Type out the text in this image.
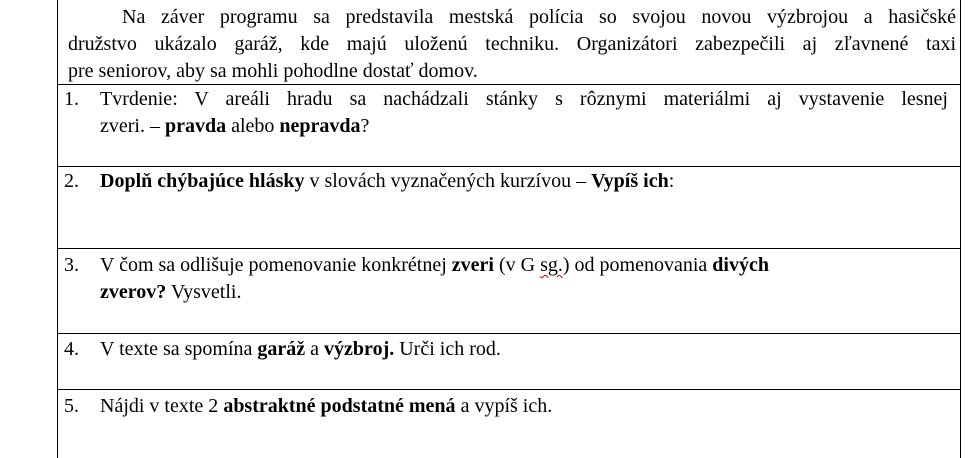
Na záver programu sa predstavila mestská polícia so svojou novou výzbrojou a hasičské
družstvo ukázalo garáž, kde majú uloženú techniku. Organizátori zabezpečili aj zľavnené taxi
pre seniorov, aby sa mohli pohodlne dostať domov.
1. Tvrdenie: V areáli hradu sa nachádzali stánky s rôznymi materiálmi aj vystavenie lesnej
zveri. – pravda alebo nepravda?
2. Doplň chýbajúce hlásky v slovách vyznačených kurzívou – Vypíš ich:
3. V čom sa odlišuje pomenovanie konkrétnej zveri (v G sg.) od pomenovania divých
zverov? Vysvetli.
4. V texte sa spomína garáž a výzbroj. Urči ich rod.
5. Nájdi v texte 2 abstraktné podstatné mená a vypíš ich.
